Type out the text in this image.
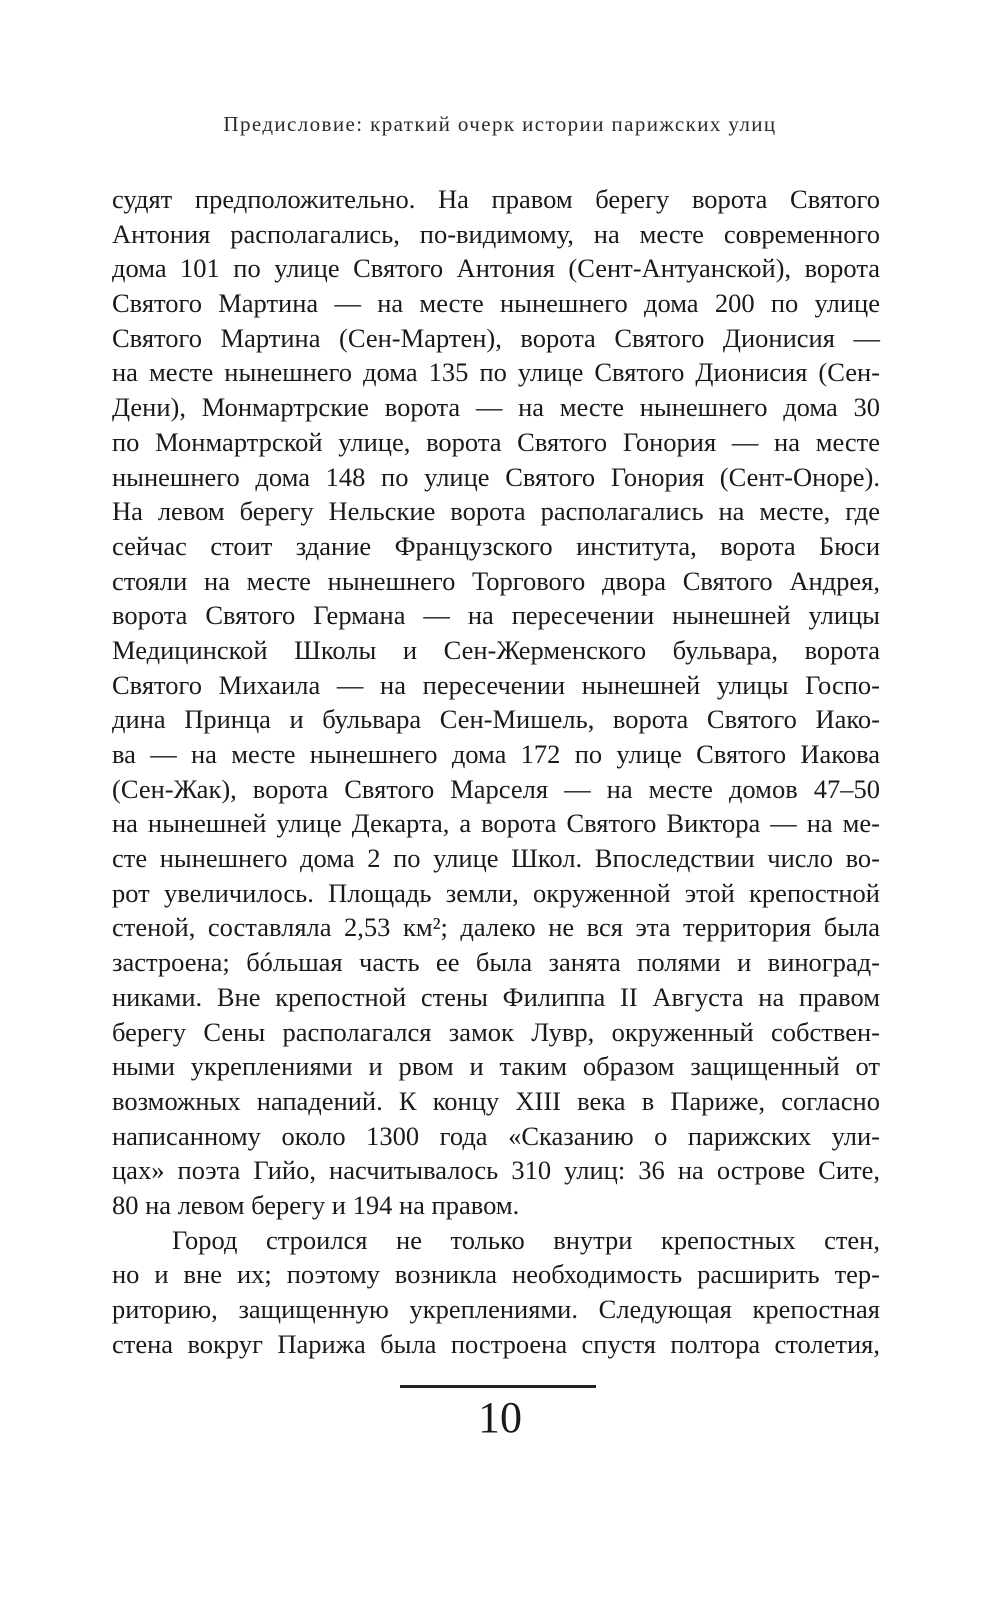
Предисловие: краткий очерк истории парижских улиц
судят предположительно. На правом берегу ворота Святого
Антония располагались, по-видимому, на месте современного
дома 101 по улице Святого Антония (Сент-Антуанской), ворота
Святого Мартина — на месте нынешнего дома 200 по улице
Святого Мартина (Сен-Мартен), ворота Святого Дионисия —
на месте нынешнего дома 135 по улице Святого Дионисия (Сен-
Дени), Монмартрские ворота — на месте нынешнего дома 30
по Монмартрской улице, ворота Святого Гонория — на месте
нынешнего дома 148 по улице Святого Гонория (Сент-Оноре).
На левом берегу Нельские ворота располагались на месте, где
сейчас стоит здание Французского института, ворота Бюси
стояли на месте нынешнего Торгового двора Святого Андрея,
ворота Святого Германа — на пересечении нынешней улицы
Медицинской Школы и Сен-Жерменского бульвара, ворота
Святого Михаила — на пересечении нынешней улицы Госпо-
дина Принца и бульвара Сен-Мишель, ворота Святого Иако-
ва — на месте нынешнего дома 172 по улице Святого Иакова
(Сен-Жак), ворота Святого Марселя — на месте домов 47–50
на нынешней улице Декарта, а ворота Святого Виктора — на ме-
сте нынешнего дома 2 по улице Школ. Впоследствии число во-
рот увеличилось. Площадь земли, окруженной этой крепостной
стеной, составляла 2,53 км²; далеко не вся эта территория была
застроена; бóльшая часть ее была занята полями и виноград-
никами. Вне крепостной стены Филиппа II Августа на правом
берегу Сены располагался замок Лувр, окруженный собствен-
ными укреплениями и рвом и таким образом защищенный от
возможных нападений. К концу XIII века в Париже, согласно
написанному около 1300 года «Сказанию о парижских ули-
цах» поэта Гийо, насчитывалось 310 улиц: 36 на острове Сите,
80 на левом берегу и 194 на правом.
Город строился не только внутри крепостных стен,
но и вне их; поэтому возникла необходимость расширить тер-
риторию, защищенную укреплениями. Следующая крепостная
стена вокруг Парижа была построена спустя полтора столетия,
10
